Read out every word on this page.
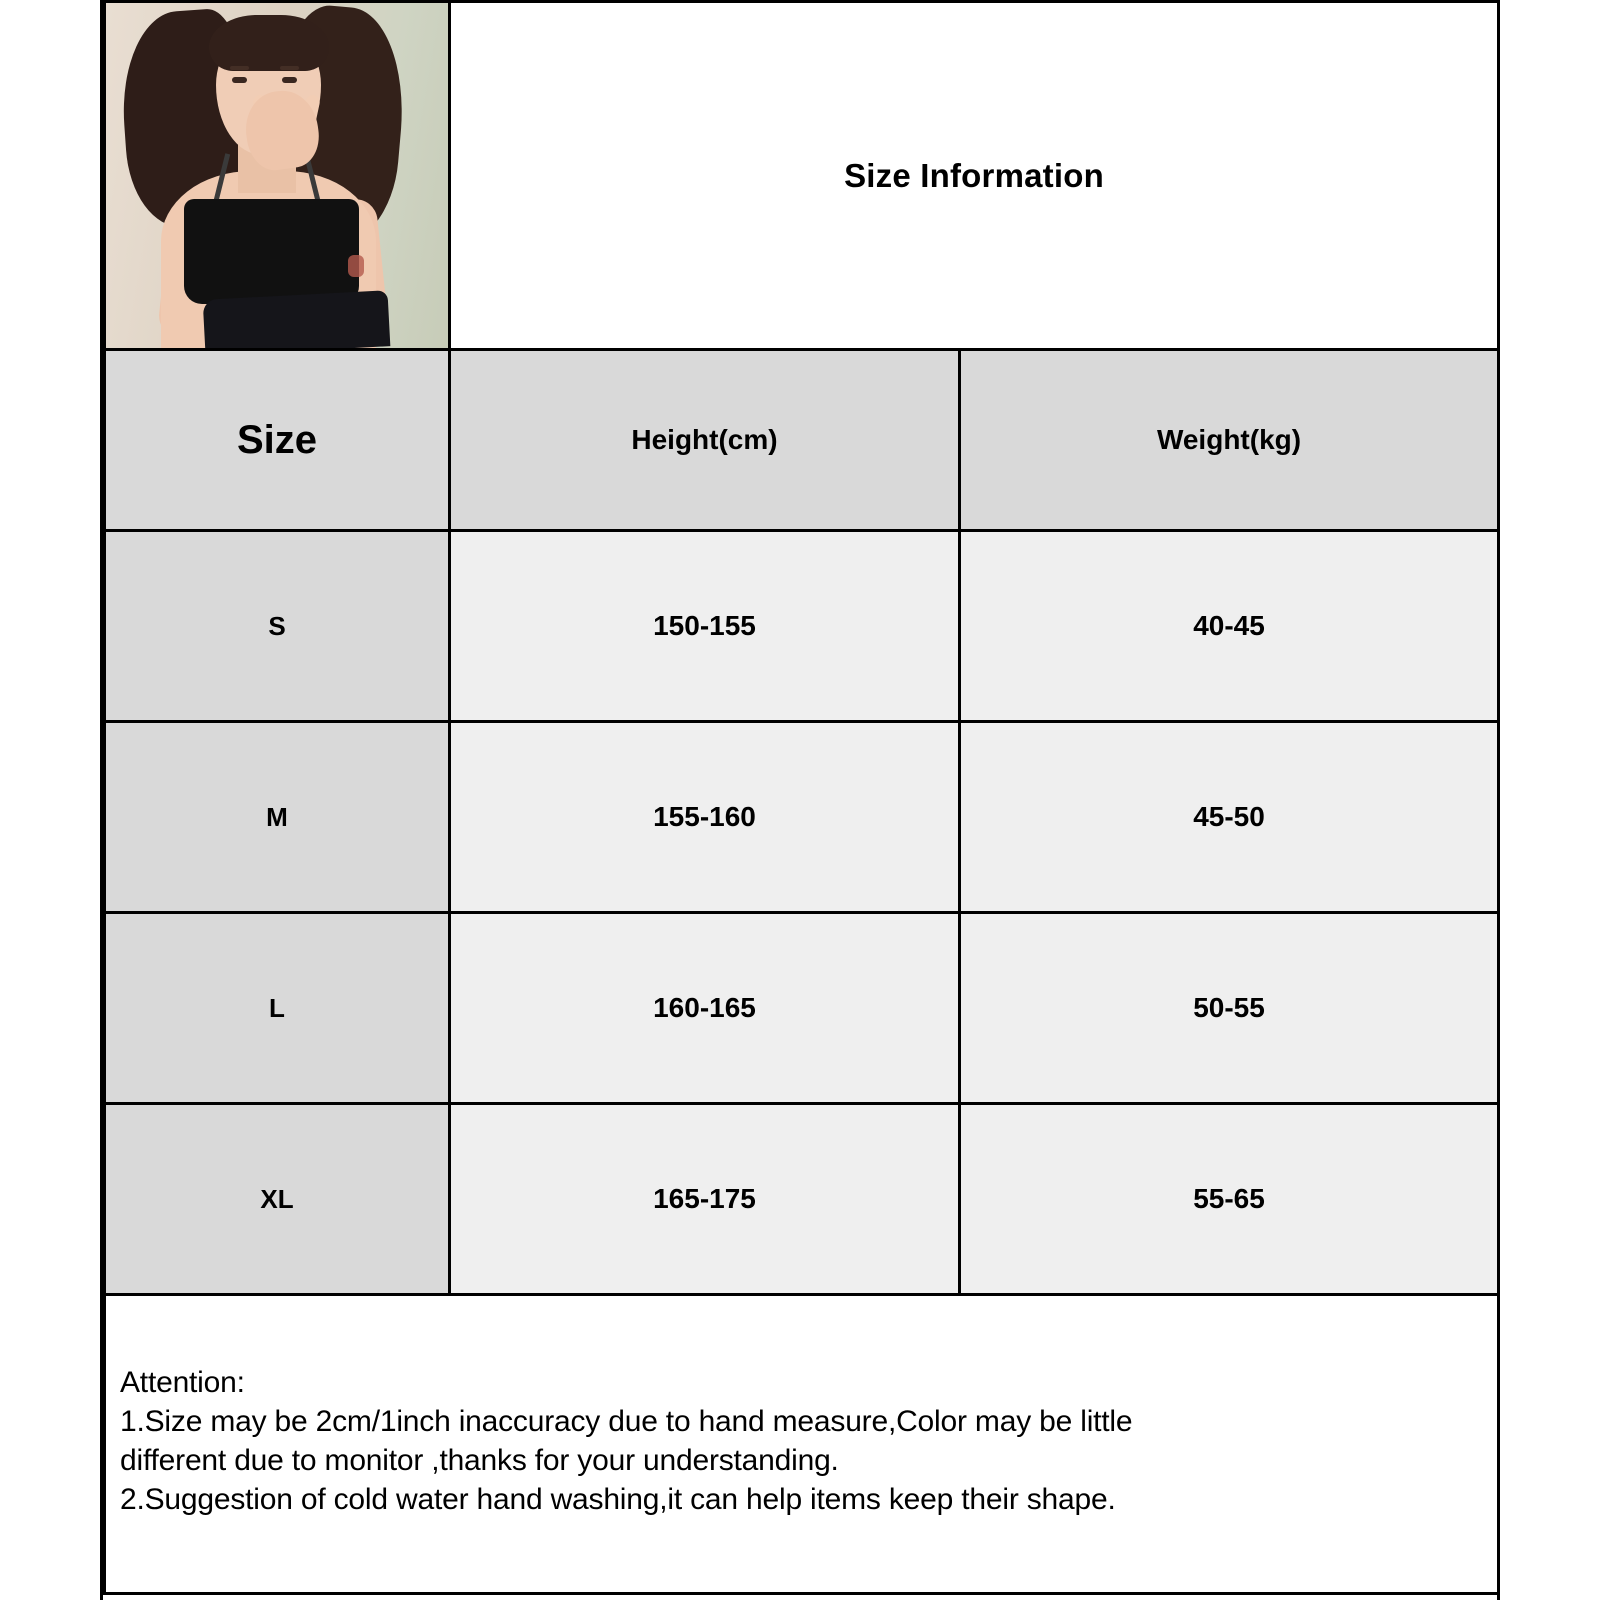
	Size Information	

Size	Height(cm)	Weight(kg)
S	150-155	40-45
M	155-160	45-50
L	160-165	50-55
XL	165-175	55-65

Attention:

1.Size may be 2cm/1inch inaccuracy due to hand measure,Color may be little

different due to monitor ,thanks for your understanding.

2.Suggestion of cold water hand washing,it can help items keep their shape.		
